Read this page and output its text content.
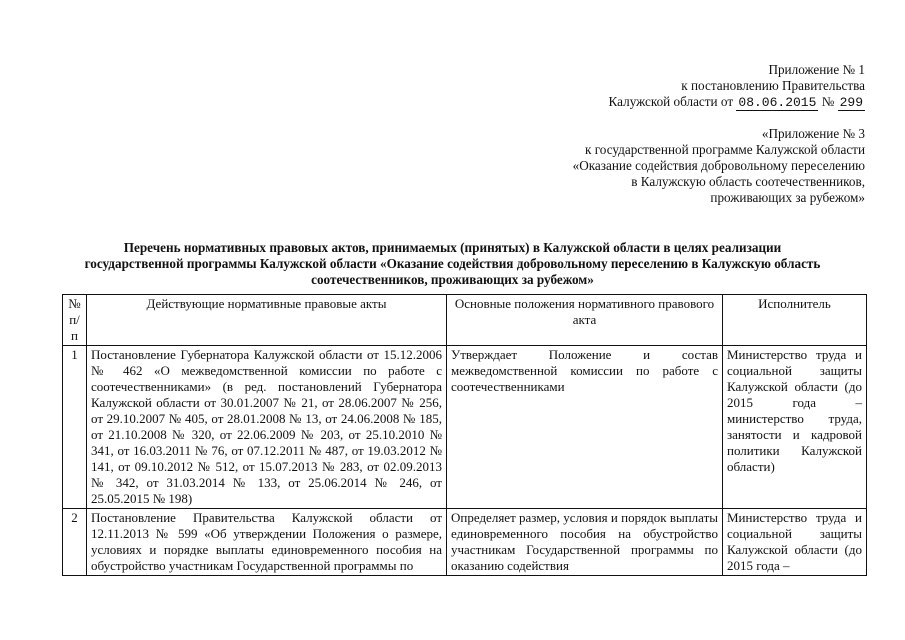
Приложение № 1
к постановлению Правительства
Калужской области от 08.06.2015 № 299
«Приложение № 3
к государственной программе Калужской области
«Оказание содействия добровольному переселению
в Калужскую область соотечественников,
проживающих за рубежом»
Перечень нормативных правовых актов, принимаемых (принятых) в Калужской области в целях реализации
государственной программы Калужской области «Оказание содействия добровольному переселению в Калужскую область
соотечественников, проживающих за рубежом»
№ п/п	Действующие нормативные правовые акты	Основные положения нормативного правового акта	Исполнитель
1	Постановление Губернатора Калужской области от 15.12.2006 № 462 «О межведомственной комиссии по работе с соотечественниками» (в ред. постановлений Губернатора Калужской области от 30.01.2007 № 21, от 28.06.2007 № 256, от 29.10.2007 № 405, от 28.01.2008 № 13, от 24.06.2008 № 185, от 21.10.2008 № 320, от 22.06.2009 № 203, от 25.10.2010 № 341, от 16.03.2011 № 76, от 07.12.2011 № 487, от 19.03.2012 № 141, от 09.10.2012 № 512, от 15.07.2013 № 283, от 02.09.2013 № 342, от 31.03.2014 № 133, от 25.06.2014 № 246, от 25.05.2015 № 198)	Утверждает Положение и состав межведомственной комиссии по работе с соотечественниками	Министерство труда и социальной защиты Калужской области (до 2015 года – министерство труда, занятости и кадровой политики Калужской области)
2	Постановление Правительства Калужской области от 12.11.2013 № 599 «Об утверждении Положения о размере, условиях и порядке выплаты единовременного пособия на обустройство участникам Государственной программы по	Определяет размер, условия и порядок выплаты единовременного пособия на обустройство участникам Государственной программы по оказанию содействия	Министерство труда и социальной защиты Калужской области (до 2015 года –
